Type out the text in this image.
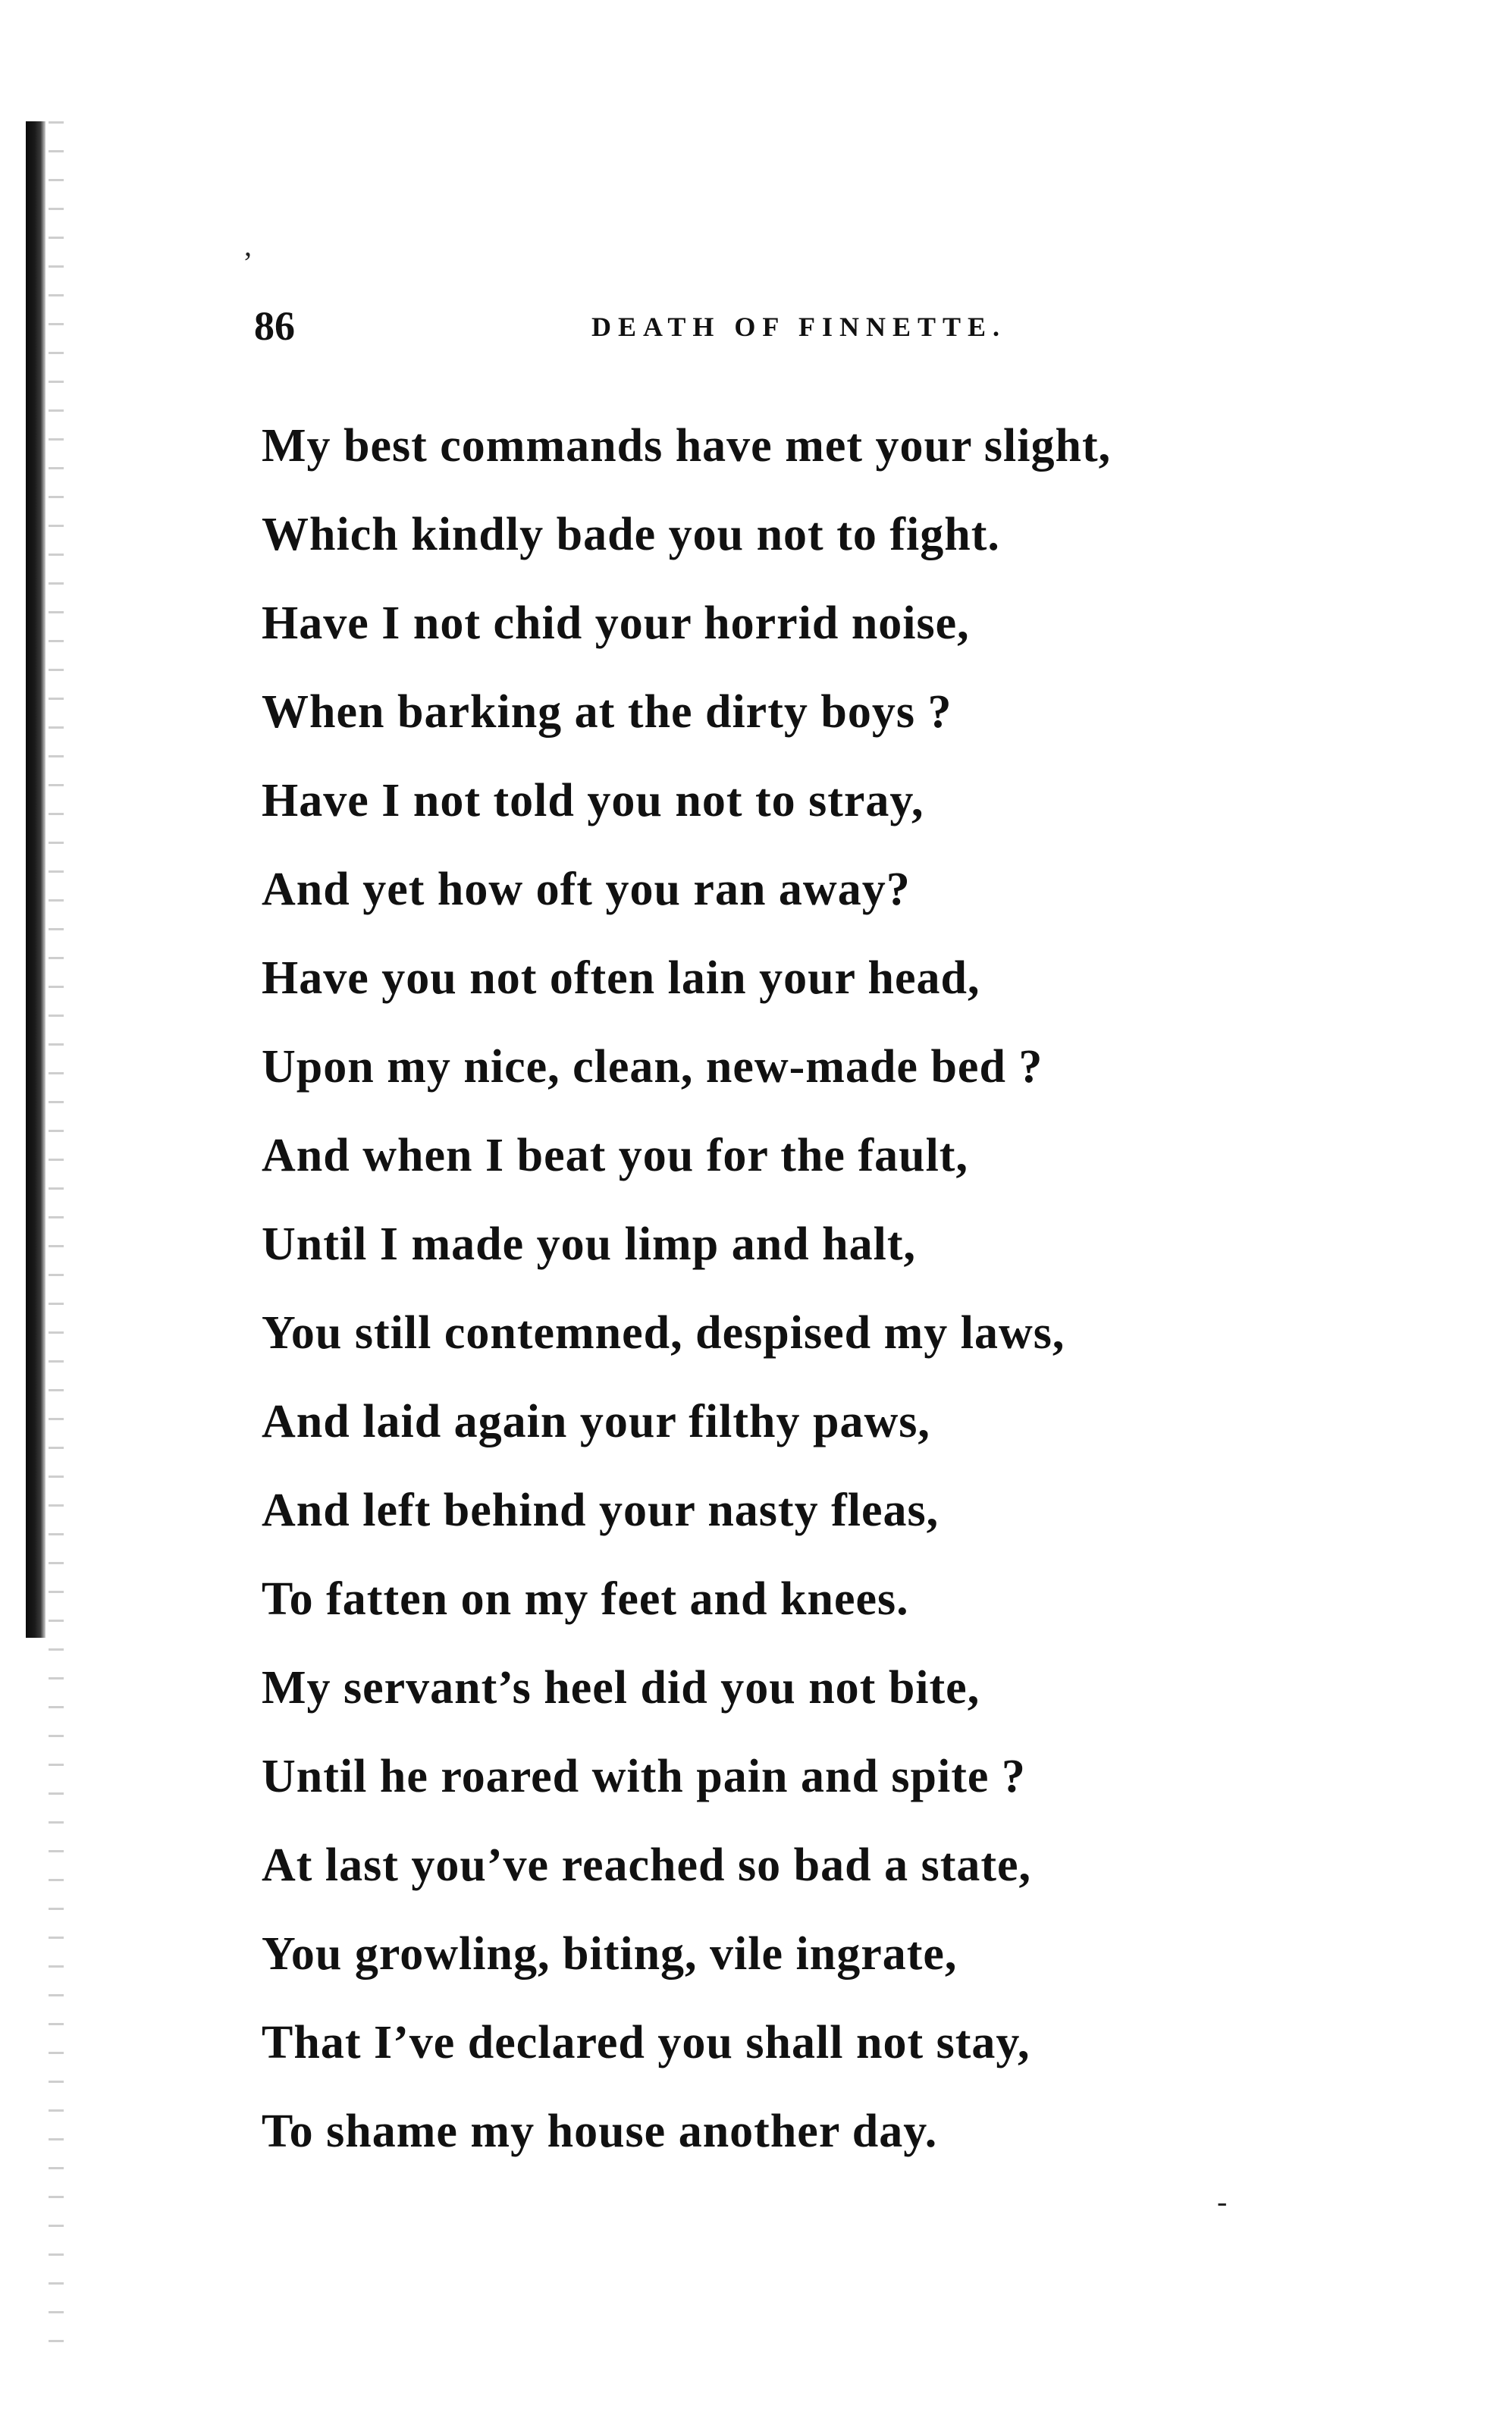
,
-
86	DEATH OF FINNETTE.
My best commands have met your slight,
Which kindly bade you not to fight.
Have I not chid your horrid noise,
When barking at the dirty boys ?
Have I not told you not to stray,
And yet how oft you ran away?
Have you not often lain your head,
Upon my nice, clean, new-made bed ?
And when I beat you for the fault,
Until I made you limp and halt,
You still contemned, despised my laws,
And laid again your filthy paws,
And left behind your nasty fleas,
To fatten on my feet and knees.
My servant’s heel did you not bite,
Until he roared with pain and spite ?
At last you’ve reached so bad a state,
You growling, biting, vile ingrate,
That I’ve declared you shall not stay,
To shame my house another day.
